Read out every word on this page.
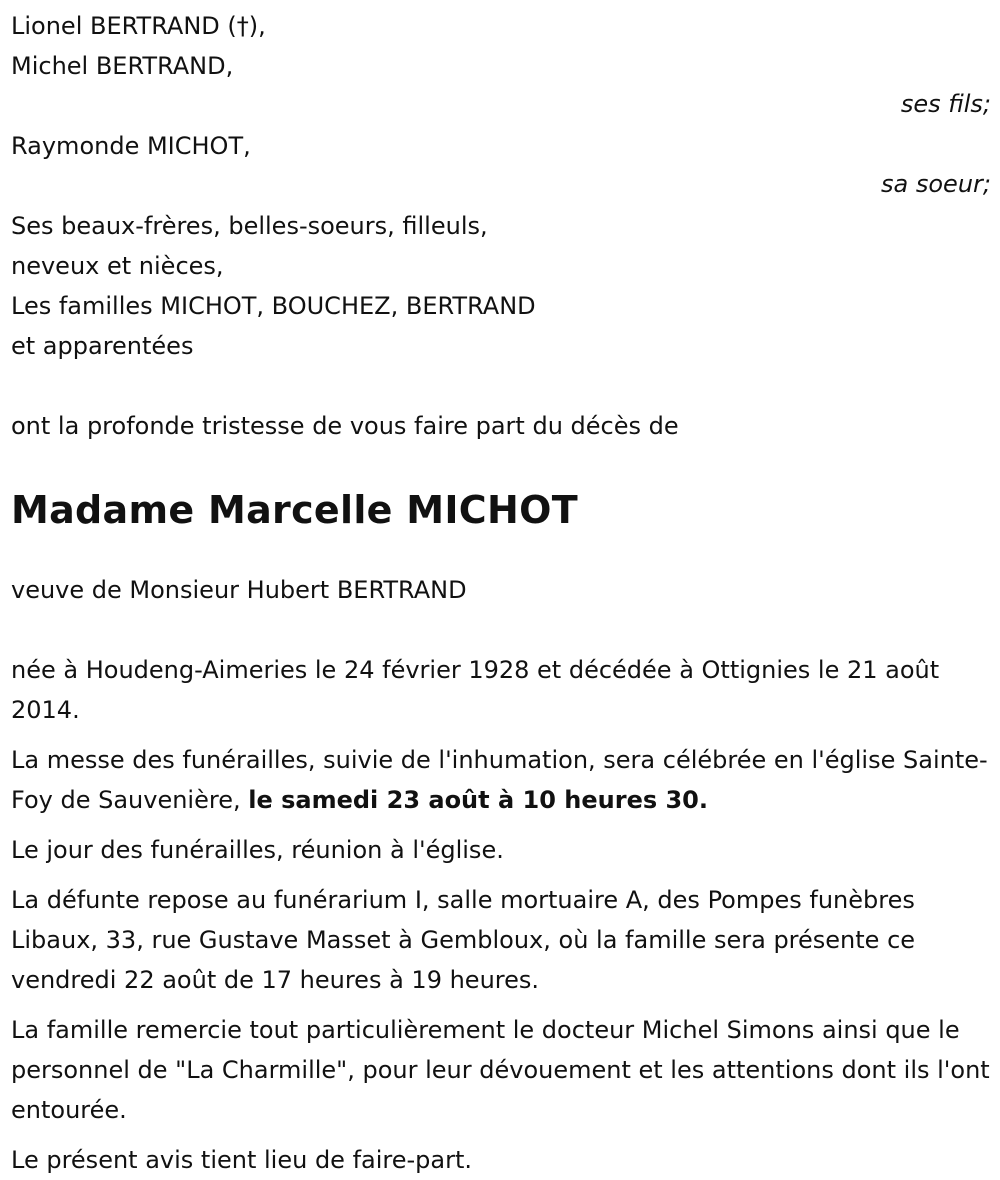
Lionel BERTRAND (†),
Michel BERTRAND,
ses fils;
Raymonde MICHOT,
sa soeur;
Ses beaux-frères, belles-soeurs, filleuls,
neveux et nièces,
Les familles MICHOT, BOUCHEZ, BERTRAND
et apparentées
ont la profonde tristesse de vous faire part du décès de
Madame Marcelle MICHOT
veuve de Monsieur Hubert BERTRAND

née à Houdeng-Aimeries le 24 février 1928 et décédée à Ottignies le 21 août 2014.

La messe des funérailles, suivie de l'inhumation, sera célébrée en l'église Sainte-Foy de Sauvenière, le samedi 23 août à 10 heures 30.

Le jour des funérailles, réunion à l'église.

La défunte repose au funérarium I, salle mortuaire A, des Pompes funèbres Libaux, 33, rue Gustave Masset à Gembloux, où la famille sera présente ce vendredi 22 août de 17 heures à 19 heures.

La famille remercie tout particulièrement le docteur Michel Simons ainsi que le personnel de "La Charmille", pour leur dévouement et les attentions dont ils l'ont entourée.

Le présent avis tient lieu de faire-part.
